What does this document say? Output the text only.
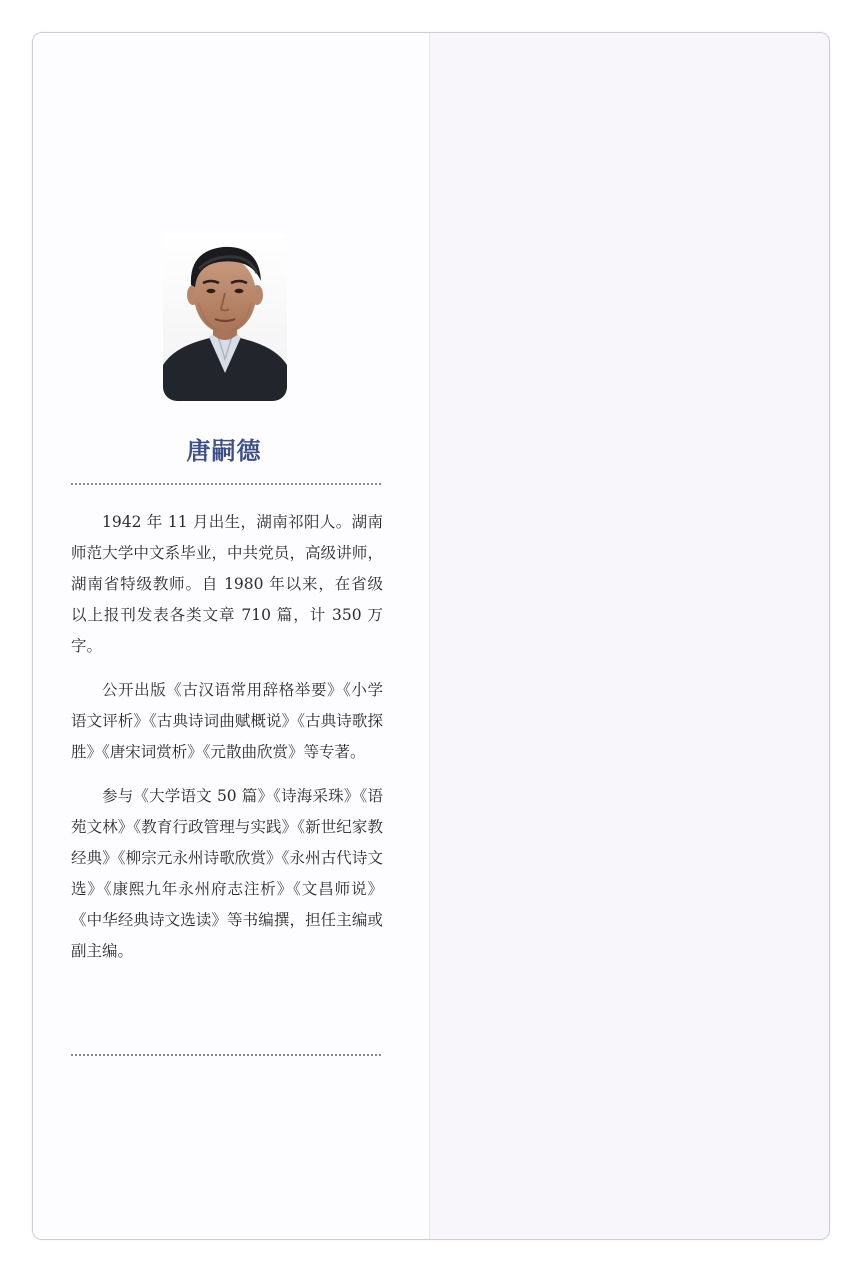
唐嗣德

1942 年 11 月出生，湖南祁阳人。湖南师范大学中文系毕业，中共党员，高级讲师，湖南省特级教师。自 1980 年以来，在省级以上报刊发表各类文章 710 篇，计 350 万字。

公开出版《古汉语常用辞格举要》《小学语文评析》《古典诗词曲赋概说》《古典诗歌探胜》《唐宋词赏析》《元散曲欣赏》等专著。

参与《大学语文 50 篇》《诗海采珠》《语苑文林》《教育行政管理与实践》《新世纪家教经典》《柳宗元永州诗歌欣赏》《永州古代诗文选》《康熙九年永州府志注析》《文昌师说》《中华经典诗文选读》等书编撰，担任主编或副主编。
